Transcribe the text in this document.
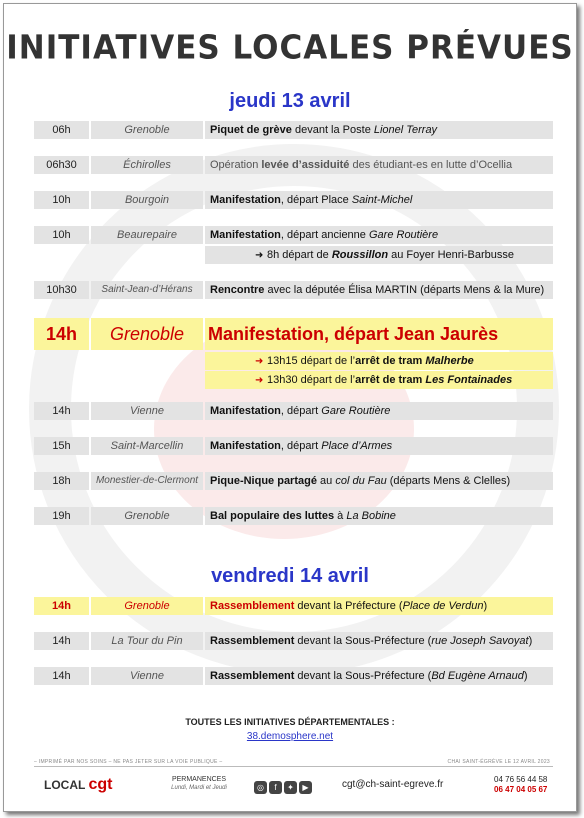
INITIATIVES LOCALES PRÉVUES
jeudi 13 avril
06h	Grenoble	Piquet de grève devant la Poste Lionel Terray
06h30	Échirolles	Opération levée d’assiduité des étudiant-es en lutte d’Ocellia
10h	Bourgoin	Manifestation, départ Place Saint-Michel
10h	Beaurepaire	Manifestation, départ ancienne Gare Routière
➜ 8h départ de Roussillon au Foyer Henri-Barbusse
10h30	Saint-Jean-d’Hérans	Rencontre avec la députée Élisa MARTIN (départs Mens & la Mure)
14h	Grenoble	Manifestation, départ Jean Jaurès
➜ 13h15 départ de l’arrêt de tram Malherbe
➜ 13h30 départ de l’arrêt de tram Les Fontainades
14h	Vienne	Manifestation, départ Gare Routière
15h	Saint-Marcellin	Manifestation, départ Place d’Armes
18h	Monestier-de-Clermont	Pique-Nique partagé au col du Fau (départs Mens & Clelles)
19h	Grenoble	Bal populaire des luttes à La Bobine
vendredi 14 avril
14h	Grenoble	Rassemblement devant la Préfecture (Place de Verdun)
14h	La Tour du Pin	Rassemblement devant la Sous-Préfecture (rue Joseph Savoyat)
14h	Vienne	Rassemblement devant la Sous-Préfecture (Bd Eugène Arnaud)
TOUTES LES INITIATIVES DÉPARTEMENTALES :
38.demosphere.net
– IMPRIMÉ PAR NOS SOINS – NE PAS JETER SUR LA VOIE PUBLIQUE –	CHAI SAINT-ÉGRÈVE LE 12 AVRIL 2023
LOCAL cgt	PERMANENCES
Lundi, Mardi et Jeudi	◎ f ✦ ▶	cgt@ch-saint-egreve.fr	04 76 56 44 58
06 47 04 05 67
